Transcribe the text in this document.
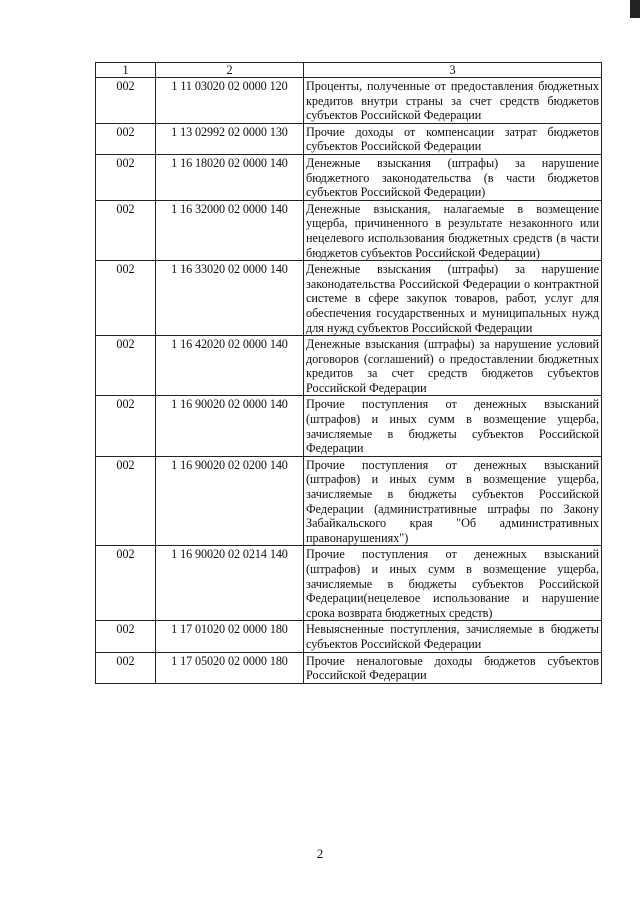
1	2	3
002	1 11 03020 02 0000 120	Проценты, полученные от предоставления бюджетных кредитов внутри страны за счет средств бюджетов субъектов Российской Федерации
002	1 13 02992 02 0000 130	Прочие доходы от компенсации затрат бюджетов субъектов Российской Федерации
002	1 16 18020 02 0000 140	Денежные взыскания (штрафы) за нарушение бюджетного законодательства (в части бюджетов субъектов Российской Федерации)
002	1 16 32000 02 0000 140	Денежные взыскания, налагаемые в возмещение ущерба, причиненного в результате незаконного или нецелевого использования бюджетных средств (в части бюджетов субъектов Российской Федерации)
002	1 16 33020 02 0000 140	Денежные взыскания (штрафы) за нарушение законодательства Российской Федерации о контрактной системе в сфере закупок товаров, работ, услуг для обеспечения государственных и муниципальных нужд для нужд субъектов Российской Федерации
002	1 16 42020 02 0000 140	Денежные взыскания (штрафы) за нарушение условий договоров (соглашений) о предоставлении бюджетных кредитов за счет средств бюджетов субъектов Российской Федерации
002	1 16 90020 02 0000 140	Прочие поступления от денежных взысканий (штрафов) и иных сумм в возмещение ущерба, зачисляемые в бюджеты субъектов Российской Федерации
002	1 16 90020 02 0200 140	Прочие поступления от денежных взысканий (штрафов) и иных сумм в возмещение ущерба, зачисляемые в бюджеты субъектов Российской Федерации (административные штрафы по Закону Забайкальского края "Об административных правонарушениях")
002	1 16 90020 02 0214 140	Прочие поступления от денежных взысканий (штрафов) и иных сумм в возмещение ущерба, зачисляемые в бюджеты субъектов Российской Федерации(нецелевое использование и нарушение срока возврата бюджетных средств)
002	1 17 01020 02 0000 180	Невыясненные поступления, зачисляемые в бюджеты субъектов Российской Федерации
002	1 17 05020 02 0000 180	Прочие неналоговые доходы бюджетов субъектов Российской Федерации
2
